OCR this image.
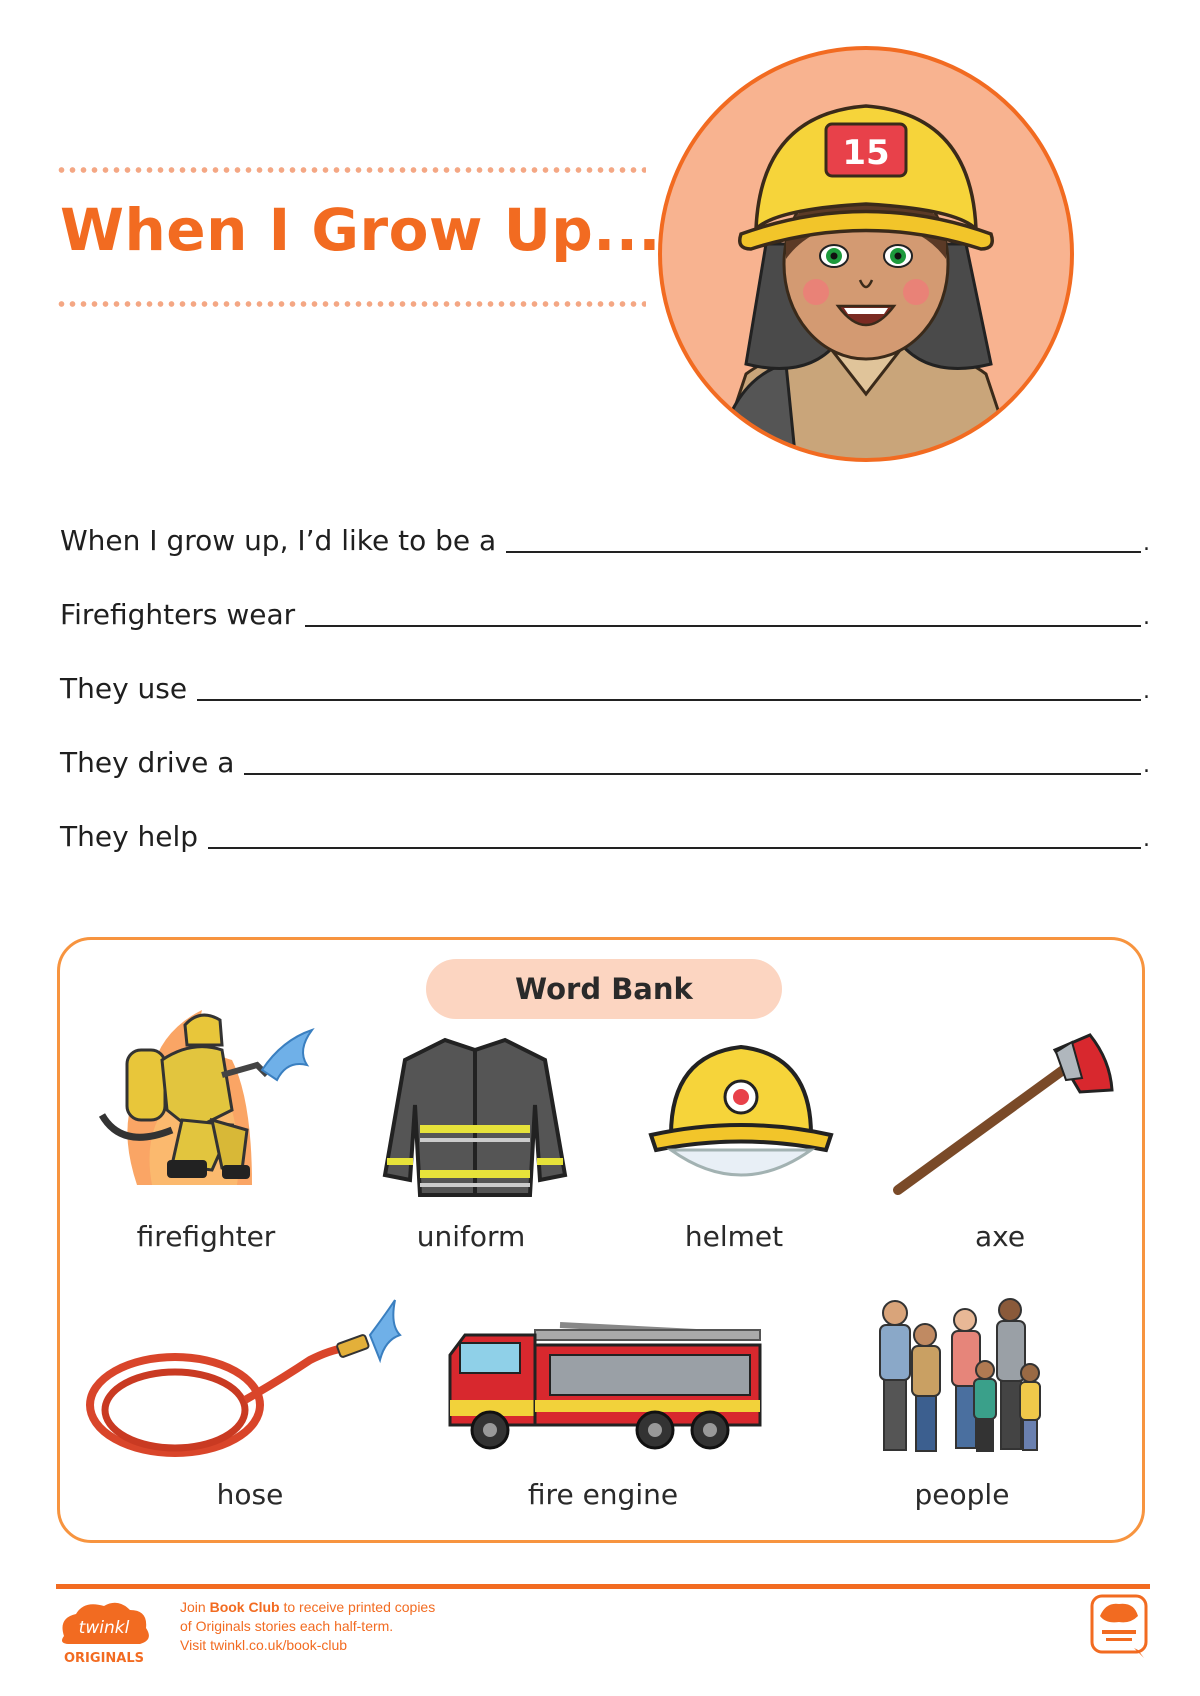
When I Grow Up...
15
When I grow up, I’d like to be a	.
Firefighters wear	.
They use	.
They drive a	.
They help	.
Word Bank
firefighter	uniform	helmet	axe
hose	fire engine	people
twinkl
ORIGINALS
Join Book Club to receive printed copies
of Originals stories each half-term.
Visit twinkl.co.uk/book-club
